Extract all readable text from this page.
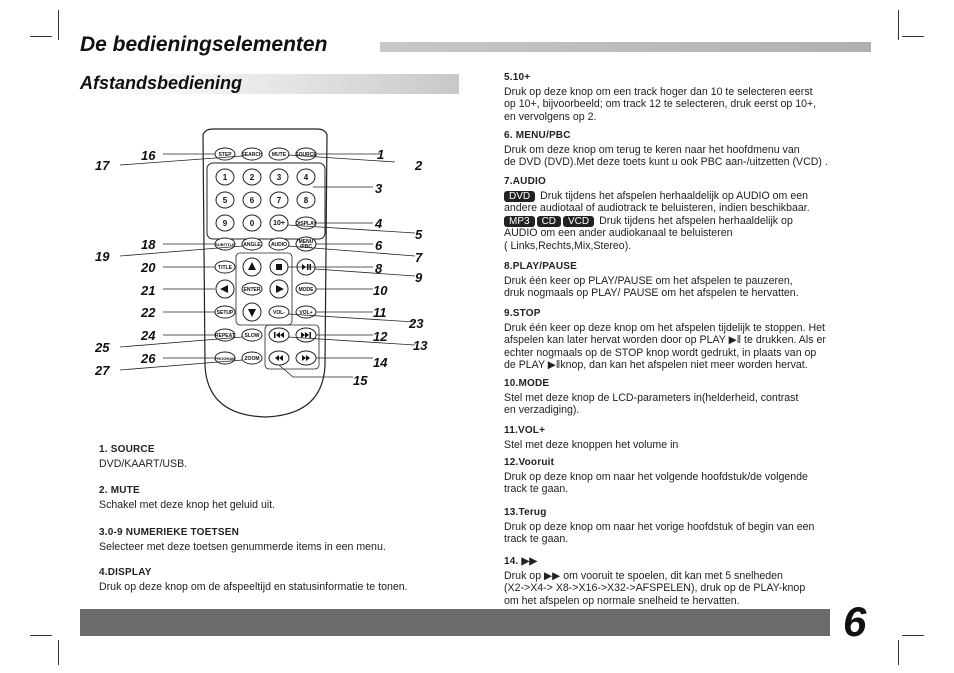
De bedieningselementen
Afstandsbediening
STEP SEARCH MUTE SOURCE
1	2	3	4
5	6	7	8
9	0	10+ DISPLAY
SUBTITLE ANGLE AUDIO MENU
/PBC
TITLE
ENTER	MODE
SETUP	VOL-	VOL+
REPEAT SLOW
PROGRAM ZOOM
1
2
3
4
5
6
7
8
9
10
11
12
13
14
15
23
16
17
18
19
20
21
22
24
25
26
27
1. SOURCE
DVD/KAART/USB.
2. MUTE
Schakel met deze knop het geluid uit.
3.0-9 NUMERIEKE TOETSEN
Selecteer met deze toetsen genummerde items in een menu.
4.DISPLAY
Druk op deze knop om de afspeeltijd en statusinformatie te tonen.
5.10+
Druk op deze knop om een track hoger dan 10 te selecteren eerst
op 10+, bijvoorbeeld; om track 12 te selecteren, druk eerst op 10+,
en vervolgens op 2.
6. MENU/PBC
Druk om deze knop om terug te keren naar het hoofdmenu van
de DVD (DVD).Met deze toets kunt u ook PBC aan-/uitzetten (VCD) .
7.AUDIO
DVD Druk tijdens het afspelen herhaaldelijk op AUDIO om een
andere audiotaal of audiotrack te beluisteren, indien beschikbaar.
MP3 CD VCD Druk tijdens het afspelen herhaaldelijk op
AUDIO om een ander audiokanaal te beluisteren
( Links,Rechts,Mix,Stereo).
8.PLAY/PAUSE
Druk één keer op PLAY/PAUSE om het afspelen te pauzeren,
druk nogmaals op PLAY/ PAUSE om het afspelen te hervatten.
9.STOP
Druk één keer op deze knop om het afspelen tijdelijk te stoppen. Het
afspelen kan later hervat worden door op PLAY ▶‖ te drukken. Als er
echter nogmaals op de STOP knop wordt gedrukt, in plaats van op
de PLAY ▶‖knop, dan kan het afspelen niet meer worden hervat.
10.MODE
Stel met deze knop de LCD-parameters in(helderheid, contrast
en verzadiging).
11.VOL+
Stel met deze knoppen het volume in
12.Vooruit
Druk op deze knop om naar het volgende hoofdstuk/de volgende
track te gaan.
13.Terug
Druk op deze knop om naar het vorige hoofdstuk of begin van een
track te gaan.
14. ▶▶
Druk op ▶▶ om vooruit te spoelen, dit kan met 5 snelheden
(X2->X4-> X8->X16->X32->AFSPELEN), druk op de PLAY-knop
om het afspelen op normale snelheid te hervatten.	6
